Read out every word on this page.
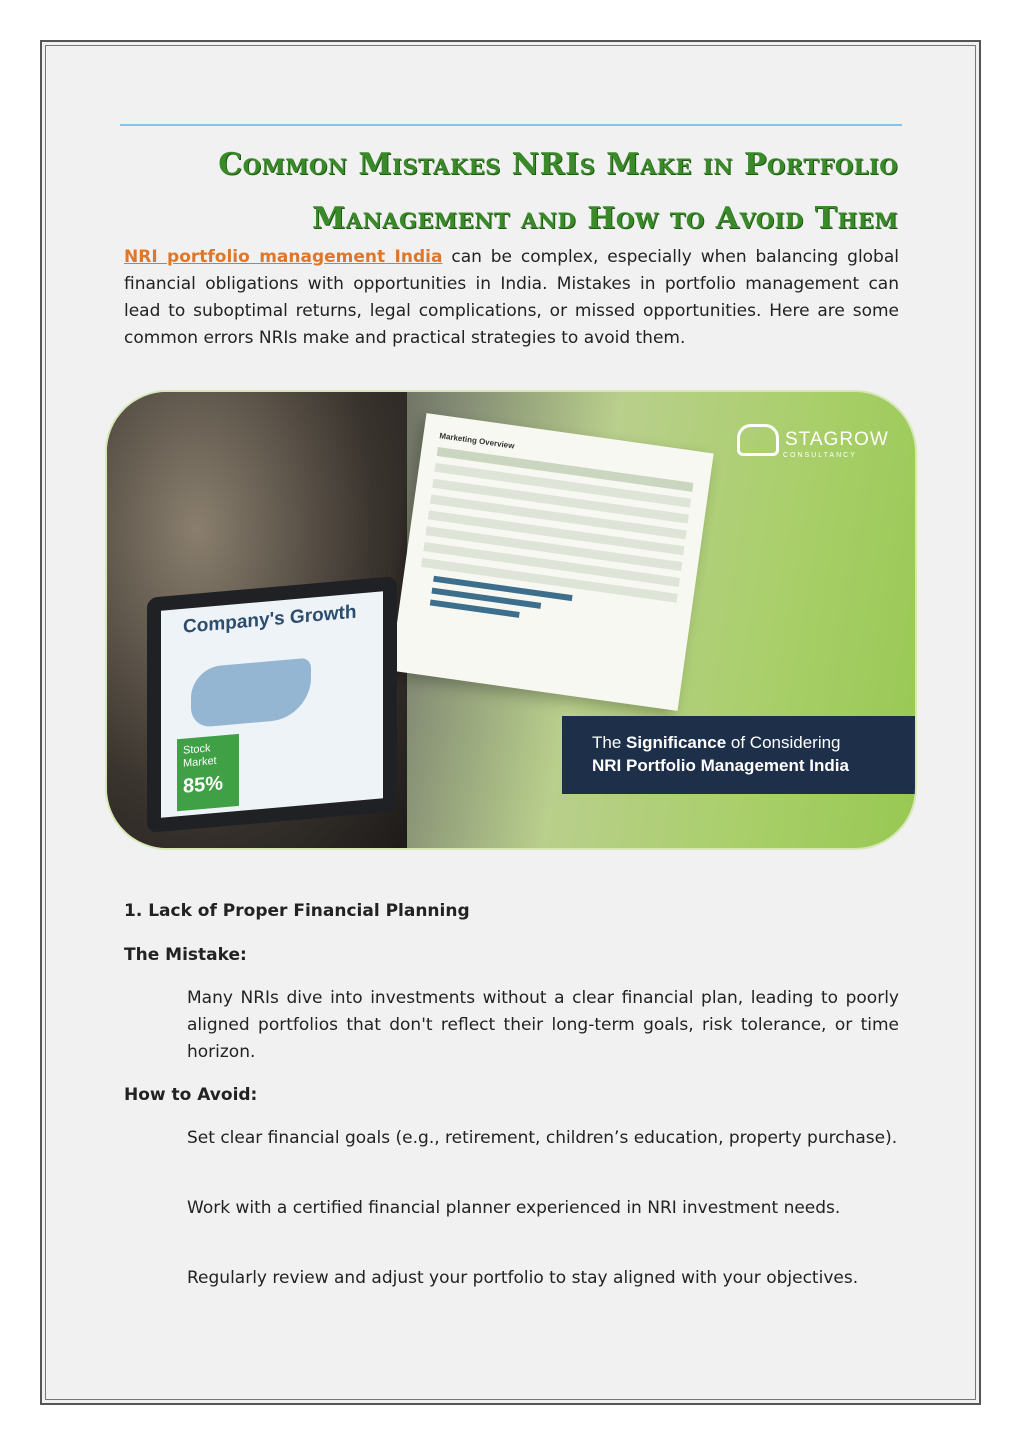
Common Mistakes NRIs Make in Portfolio
Management and How to Avoid Them
NRI portfolio management India can be complex, especially when balancing global financial obligations with opportunities in India. Mistakes in portfolio management can lead to suboptimal returns, legal complications, or missed opportunities. Here are some common errors NRIs make and practical strategies to avoid them.
Marketing Overview
Company's Growth
Stock Market
85%
STAGROW
CONSULTANCY
The Significance of Considering
NRI Portfolio Management India
1. Lack of Proper Financial Planning
The Mistake:
Many NRIs dive into investments without a clear financial plan, leading to poorly aligned portfolios that don't reflect their long-term goals, risk tolerance, or time horizon.
How to Avoid:
Set clear financial goals (e.g., retirement, children’s education, property purchase).
Work with a certified financial planner experienced in NRI investment needs.
Regularly review and adjust your portfolio to stay aligned with your objectives.
